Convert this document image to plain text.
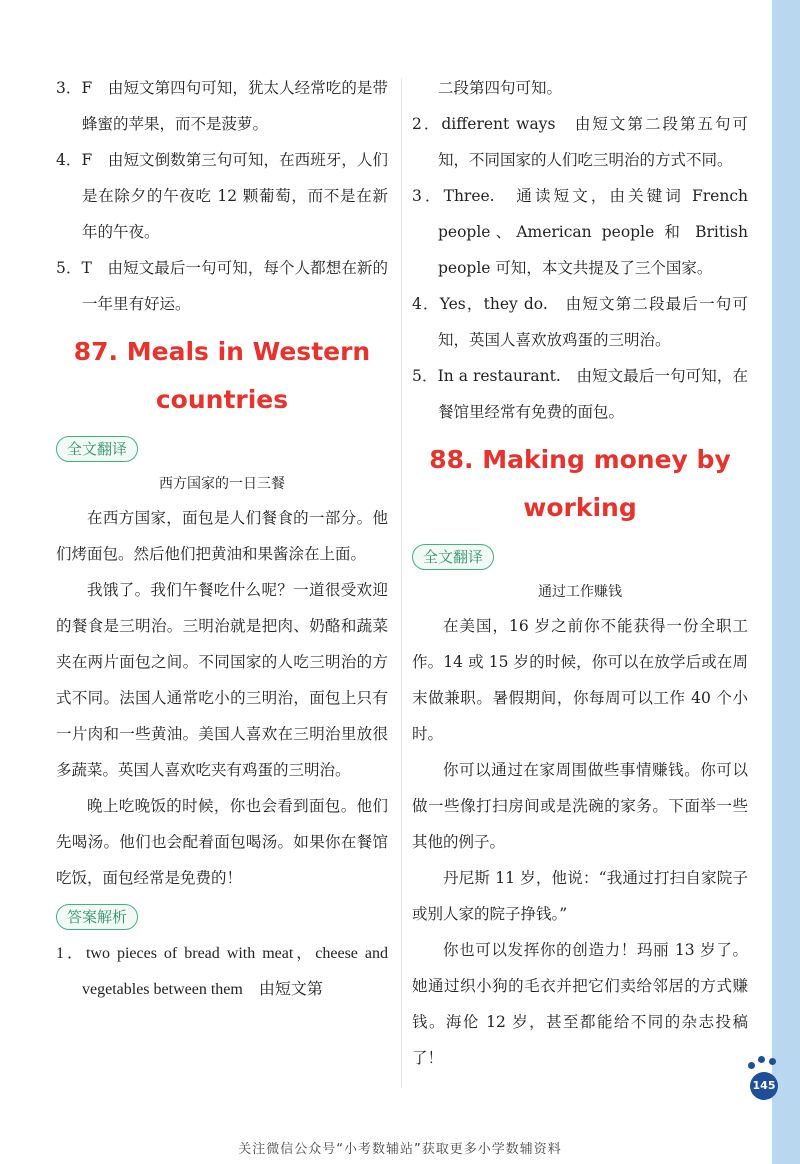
3．F　由短文第四句可知，犹太人经常吃的是带蜂蜜的苹果，而不是菠萝。

4．F　由短文倒数第三句可知，在西班牙，人们是在除夕的午夜吃 12 颗葡萄，而不是在新年的午夜。

5．T　由短文最后一句可知，每个人都想在新的一年里有好运。

87. Meals in Western countries
全文翻译

西方国家的一日三餐

在西方国家，面包是人们餐食的一部分。他们烤面包。然后他们把黄油和果酱涂在上面。

我饿了。我们午餐吃什么呢？一道很受欢迎的餐食是三明治。三明治就是把肉、奶酪和蔬菜夹在两片面包之间。不同国家的人吃三明治的方式不同。法国人通常吃小的三明治，面包上只有一片肉和一些黄油。美国人喜欢在三明治里放很多蔬菜。英国人喜欢吃夹有鸡蛋的三明治。

晚上吃晚饭的时候，你也会看到面包。他们先喝汤。他们也会配着面包喝汤。如果你在餐馆吃饭，面包经常是免费的！

答案解析

1．two pieces of bread with meat，cheese and vegetables between them　由短文第

二段第四句可知。

2．different ways　由短文第二段第五句可知，不同国家的人们吃三明治的方式不同。

3．Three.　通读短文，由关键词 French people、American people 和 British people 可知，本文共提及了三个国家。

4．Yes，they do.　由短文第二段最后一句可知，英国人喜欢放鸡蛋的三明治。

5．In a restaurant.　由短文最后一句可知，在餐馆里经常有免费的面包。

88. Making money by working
全文翻译

通过工作赚钱

在美国，16 岁之前你不能获得一份全职工作。14 或 15 岁的时候，你可以在放学后或在周末做兼职。暑假期间，你每周可以工作 40 个小时。

你可以通过在家周围做些事情赚钱。你可以做一些像打扫房间或是洗碗的家务。下面举一些其他的例子。

丹尼斯 11 岁，他说：“我通过打扫自家院子或别人家的院子挣钱。”

你也可以发挥你的创造力！玛丽 13 岁了。她通过织小狗的毛衣并把它们卖给邻居的方式赚钱。海伦 12 岁，甚至都能给不同的杂志投稿了！

145
关注微信公众号“小考数辅站”获取更多小学数辅资料
